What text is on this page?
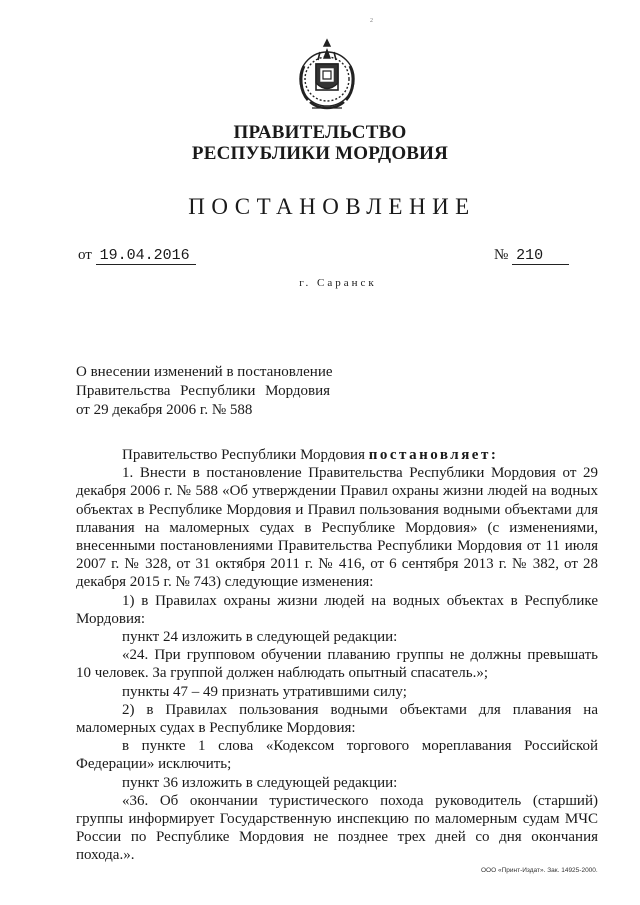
2
ПРАВИТЕЛЬСТВО
РЕСПУБЛИКИ МОРДОВИЯ
ПОСТАНОВЛЕНИЕ
от 19.04.2016	№ 210
г. Саранск
О внесении изменений в постановление
Правительства Республики Мордовия
от 29 декабря 2006 г. № 588

Правительство Республики Мордовия постановляет:

1. Внести в постановление Правительства Республики Мордовия от 29 декабря 2006 г. № 588 «Об утверждении Правил охраны жизни людей на водных объектах в Республике Мордовия и Правил пользования водными объектами для плавания на маломерных судах в Республике Мордовия» (с изменениями, внесенными постановлениями Правительства Республики Мордовия от 11 июля 2007 г. № 328, от 31 октября 2011 г. № 416, от 6 сентября 2013 г. № 382, от 28 декабря 2015 г. № 743) следующие изменения:

1) в Правилах охраны жизни людей на водных объектах в Республике Мордовия:

пункт 24 изложить в следующей редакции:

«24. При групповом обучении плаванию группы не должны превышать 10 человек. За группой должен наблюдать опытный спасатель.»;

пункты 47 – 49 признать утратившими силу;

2) в Правилах пользования водными объектами для плавания на маломерных судах в Республике Мордовия:

в пункте 1 слова «Кодексом торгового мореплавания Российской Федерации» исключить;

пункт 36 изложить в следующей редакции:

«36. Об окончании туристического похода руководитель (старший) группы информирует Государственную инспекцию по маломерным судам МЧС России по Республике Мордовия не позднее трех дней со дня окончания похода.».

ООО «Принт-Издат». Зак. 14925-2000.
